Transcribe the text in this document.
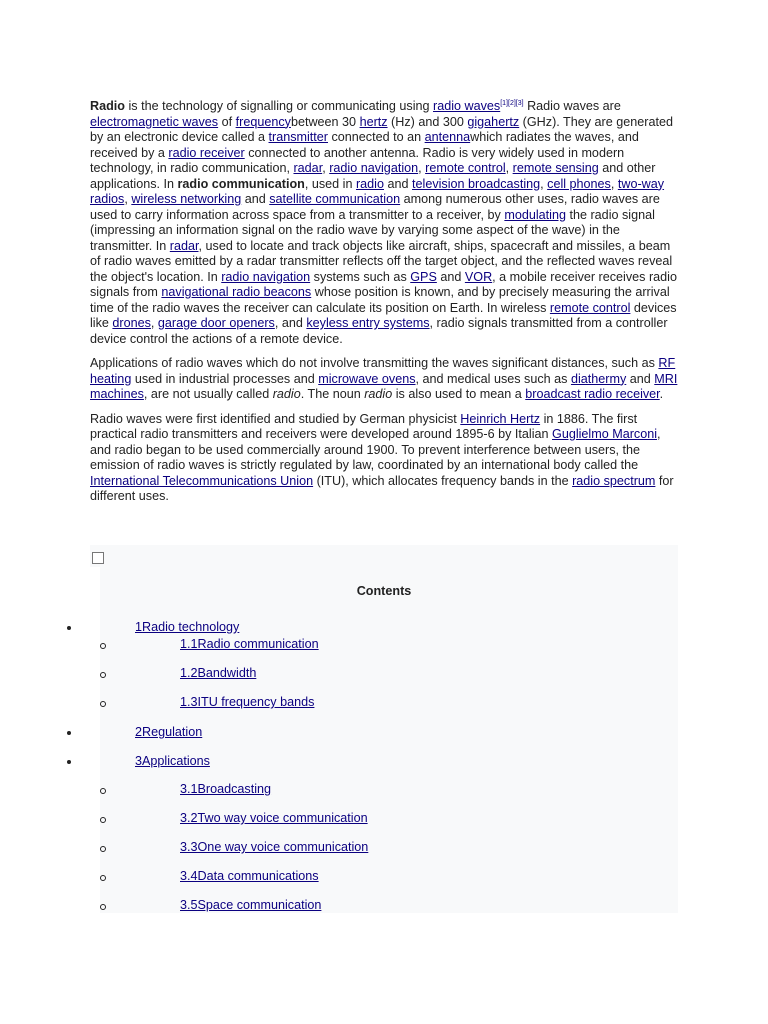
Radio is the technology of signalling or communicating using radio waves[1][2][3] Radio waves are electromagnetic waves of frequencybetween 30 hertz (Hz) and 300 gigahertz (GHz). They are generated by an electronic device called a transmitter connected to an antennawhich radiates the waves, and received by a radio receiver connected to another antenna. Radio is very widely used in modern technology, in radio communication, radar, radio navigation, remote control, remote sensing and other applications. In radio communication, used in radio and television broadcasting, cell phones, two-way radios, wireless networking and satellite communication among numerous other uses, radio waves are used to carry information across space from a transmitter to a receiver, by modulating the radio signal (impressing an information signal on the radio wave by varying some aspect of the wave) in the transmitter. In radar, used to locate and track objects like aircraft, ships, spacecraft and missiles, a beam of radio waves emitted by a radar transmitter reflects off the target object, and the reflected waves reveal the object's location. In radio navigation systems such as GPS and VOR, a mobile receiver receives radio signals from navigational radio beacons whose position is known, and by precisely measuring the arrival time of the radio waves the receiver can calculate its position on Earth. In wireless remote control devices like drones, garage door openers, and keyless entry systems, radio signals transmitted from a controller device control the actions of a remote device.

Applications of radio waves which do not involve transmitting the waves significant distances, such as RF heating used in industrial processes and microwave ovens, and medical uses such as diathermy and MRI machines, are not usually called radio. The noun radio is also used to mean a broadcast radio receiver.

Radio waves were first identified and studied by German physicist Heinrich Hertz in 1886. The first practical radio transmitters and receivers were developed around 1895-6 by Italian Guglielmo Marconi, and radio began to be used commercially around 1900. To prevent interference between users, the emission of radio waves is strictly regulated by law, coordinated by an international body called the International Telecommunications Union (ITU), which allocates frequency bands in the radio spectrum for different uses.

Contents
1Radio technology
1.1Radio communication
1.2Bandwidth
1.3ITU frequency bands
2Regulation
3Applications
3.1Broadcasting
3.2Two way voice communication
3.3One way voice communication
3.4Data communications
3.5Space communication
